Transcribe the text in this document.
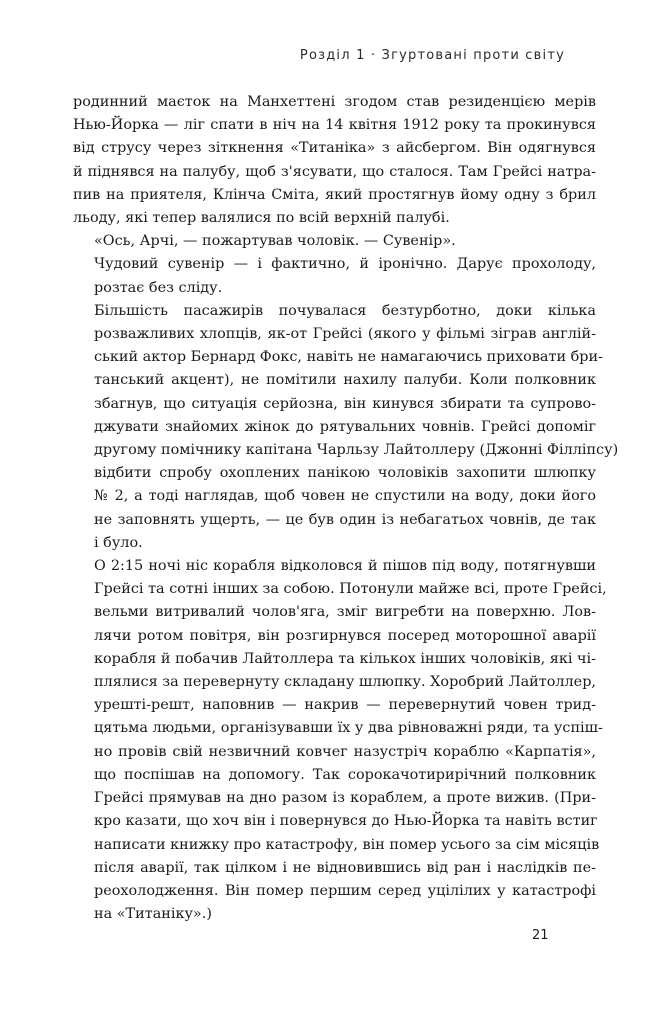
Розділ 1 · Згуртовані проти світу

родинний маєток на Манхеттені згодом став резиденцією мерів
Нью-Йорка — ліг спати в ніч на 14 квітня 1912 року та прокинувся
від струсу через зіткнення «Титаніка» з айсбергом. Він одягнувся
й піднявся на палубу, щоб з'ясувати, що сталося. Там Грейсі натра-
пив на приятеля, Клінча Сміта, який простягнув йому одну з брил
льоду, які тепер валялися по всій верхній палубі.

«Ось, Арчі, — пожартував чоловік. — Сувенір».

Чудовий сувенір — і фактично, й іронічно. Дарує прохолоду,
розтає без сліду.

Більшість пасажирів почувалася безтурботно, доки кілька
розважливих хлопців, як-от Грейсі (якого у фільмі зіграв англій-
ський актор Бернард Фокс, навіть не намагаючись приховати бри-
танський акцент), не помітили нахилу палуби. Коли полковник
збагнув, що ситуація серйозна, він кинувся збирати та супрово-
джувати знайомих жінок до рятувальних човнів. Грейсі допоміг
другому помічнику капітана Чарльзу Лайтоллеру (Джонні Філліпсу)
відбити спробу охоплених панікою чоловіків захопити шлюпку
№ 2, а тоді наглядав, щоб човен не спустили на воду, доки його
не заповнять ущерть, — це був один із небагатьох човнів, де так
і було.

О 2:15 ночі ніс корабля відколовся й пішов під воду, потягнувши
Грейсі та сотні інших за собою. Потонули майже всі, проте Грейсі,
вельми витривалий чолов'яга, зміг вигребти на поверхню. Лов-
лячи ротом повітря, він розгирнувся посеред моторошної аварії
корабля й побачив Лайтоллера та кількох інших чоловіків, які чі-
плялися за перевернуту складану шлюпку. Хоробрий Лайтоллер,
урешті-решт, наповнив — накрив — перевернутий човен трид-
цятьма людьми, організувавши їх у два рівноважні ряди, та успіш-
но провів свій незвичний ковчег назустріч кораблю «Карпатія»,
що поспішав на допомогу. Так сорокачотирирічний полковник
Грейсі прямував на дно разом із кораблем, а проте вижив. (При-
кро казати, що хоч він і повернувся до Нью-Йорка та навіть встиг
написати книжку про катастрофу, він помер усього за сім місяців
після аварії, так цілком і не відновившись від ран і наслідків пе-
реохолодження. Він помер першим серед уцілілих у катастрофі
на «Титаніку».)

21
